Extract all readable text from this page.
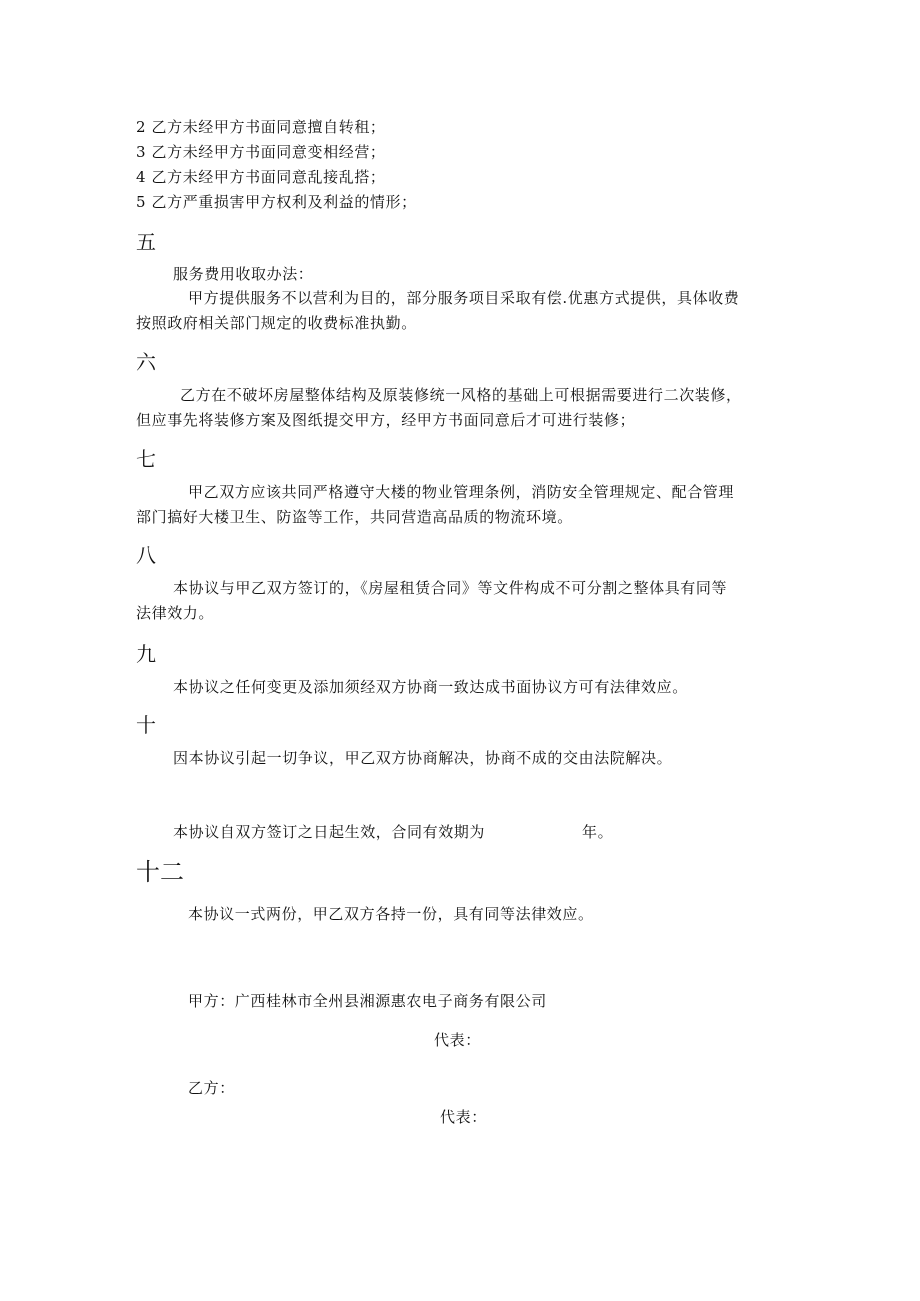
2 乙方未经甲方书面同意擅自转租；
3 乙方未经甲方书面同意变相经营；
4 乙方未经甲方书面同意乱接乱搭；
5 乙方严重损害甲方权利及利益的情形；
五
服务费用收取办法：
甲方提供服务不以营利为目的，部分服务项目采取有偿.优惠方式提供，具体收费
按照政府相关部门规定的收费标准执勤。
六
乙方在不破坏房屋整体结构及原装修统一风格的基础上可根据需要进行二次装修，
但应事先将装修方案及图纸提交甲方，经甲方书面同意后才可进行装修；
七
甲乙双方应该共同严格遵守大楼的物业管理条例，消防安全管理规定、配合管理
部门搞好大楼卫生、防盗等工作，共同营造高品质的物流环境。
八
本协议与甲乙双方签订的，《房屋租赁合同》等文件构成不可分割之整体具有同等
法律效力。
九
本协议之任何变更及添加须经双方协商一致达成书面协议方可有法律效应。
十
因本协议引起一切争议，甲乙双方协商解决，协商不成的交由法院解决。
本协议自双方签订之日起生效，合同有效期为	年。
十二
本协议一式两份，甲乙双方各持一份，具有同等法律效应。
甲方：广西桂林市全州县湘源惠农电子商务有限公司
代表：
乙方：
代表：
